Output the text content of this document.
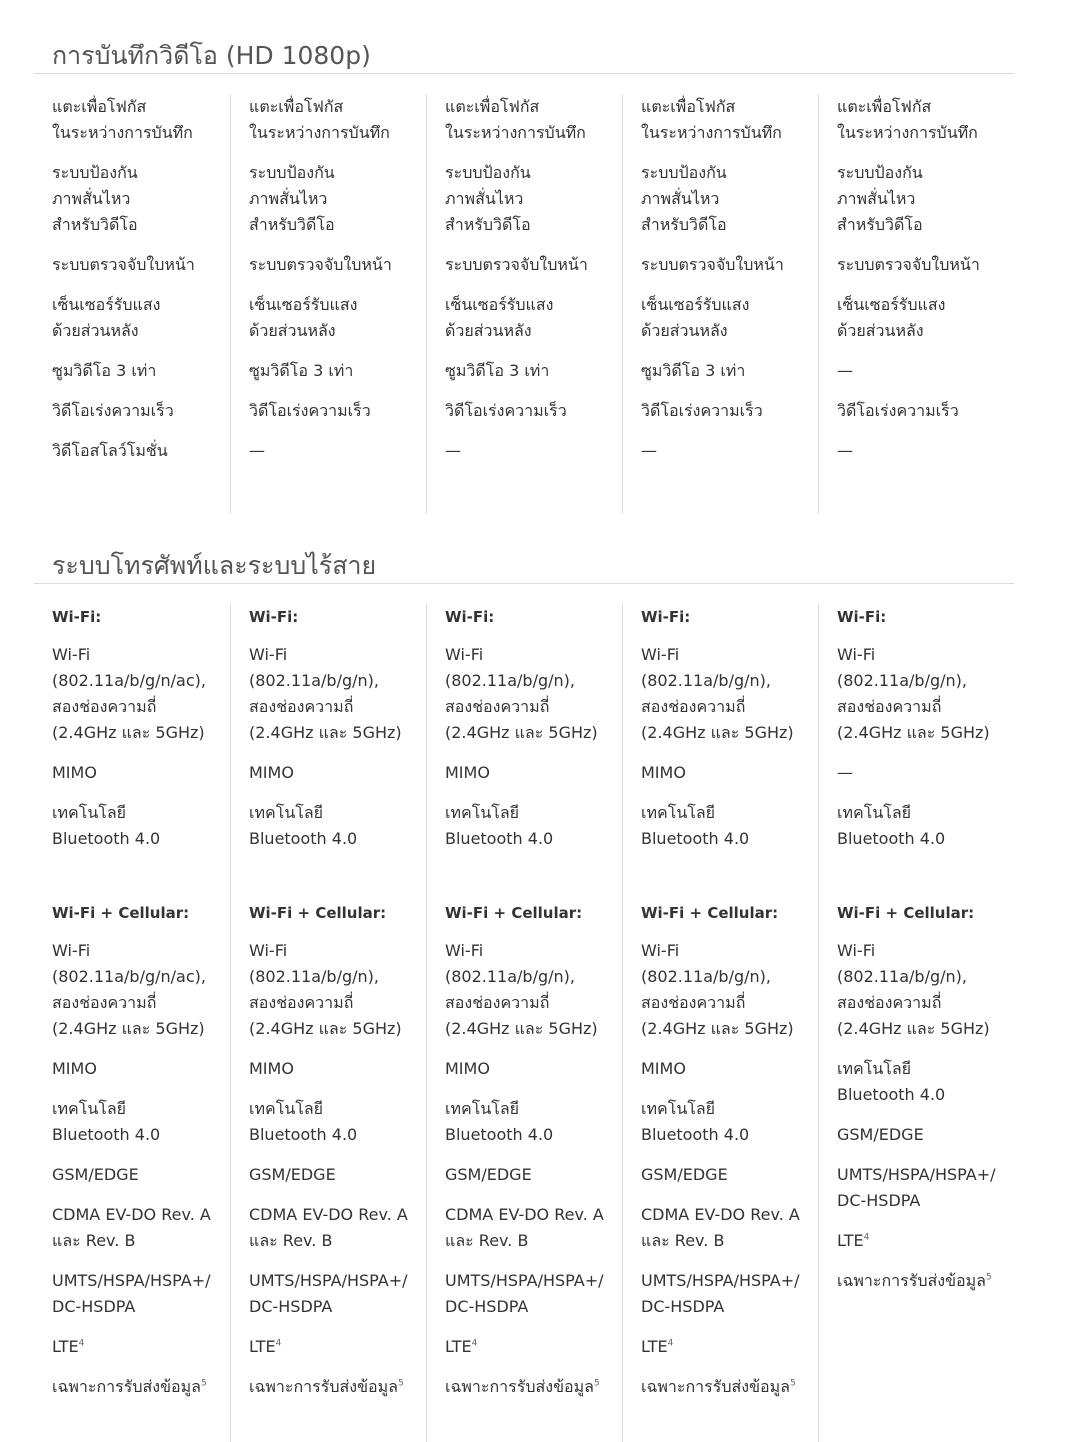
การบันทึกวิดีโอ (HD 1080p)
แตะเพื่อโฟกัส
ในระหว่างการบันทึก
ระบบป้องกัน
ภาพสั่นไหว
สำหรับวิดีโอ
ระบบตรวจจับใบหน้า
เซ็นเซอร์รับแสง
ด้วยส่วนหลัง
ซูมวิดีโอ 3 เท่า
วิดีโอเร่งความเร็ว
วิดีโอสโลว์โมชั่น
แตะเพื่อโฟกัส
ในระหว่างการบันทึก
ระบบป้องกัน
ภาพสั่นไหว
สำหรับวิดีโอ
ระบบตรวจจับใบหน้า
เซ็นเซอร์รับแสง
ด้วยส่วนหลัง
ซูมวิดีโอ 3 เท่า
วิดีโอเร่งความเร็ว
—
แตะเพื่อโฟกัส
ในระหว่างการบันทึก
ระบบป้องกัน
ภาพสั่นไหว
สำหรับวิดีโอ
ระบบตรวจจับใบหน้า
เซ็นเซอร์รับแสง
ด้วยส่วนหลัง
ซูมวิดีโอ 3 เท่า
วิดีโอเร่งความเร็ว
—
แตะเพื่อโฟกัส
ในระหว่างการบันทึก
ระบบป้องกัน
ภาพสั่นไหว
สำหรับวิดีโอ
ระบบตรวจจับใบหน้า
เซ็นเซอร์รับแสง
ด้วยส่วนหลัง
ซูมวิดีโอ 3 เท่า
วิดีโอเร่งความเร็ว
—
แตะเพื่อโฟกัส
ในระหว่างการบันทึก
ระบบป้องกัน
ภาพสั่นไหว
สำหรับวิดีโอ
ระบบตรวจจับใบหน้า
เซ็นเซอร์รับแสง
ด้วยส่วนหลัง
—
วิดีโอเร่งความเร็ว
—
ระบบโทรศัพท์และระบบไร้สาย
Wi-Fi:
Wi-Fi
(802.11a/b/g/n/ac),
สองช่องความถี่
(2.4GHz และ 5GHz)
MIMO
เทคโนโลยี
Bluetooth 4.0
Wi-Fi + Cellular:
Wi-Fi
(802.11a/b/g/n/ac),
สองช่องความถี่
(2.4GHz และ 5GHz)
MIMO
เทคโนโลยี
Bluetooth 4.0
GSM/EDGE
CDMA EV-DO Rev. A
และ Rev. B
UMTS/HSPA/HSPA+/
DC-HSDPA
LTE$^4$
เฉพาะการรับส่งข้อมูล$^5$
Wi-Fi:
Wi-Fi
(802.11a/b/g/n),
สองช่องความถี่
(2.4GHz และ 5GHz)
MIMO
เทคโนโลยี
Bluetooth 4.0
Wi-Fi + Cellular:
Wi-Fi
(802.11a/b/g/n),
สองช่องความถี่
(2.4GHz และ 5GHz)
MIMO
เทคโนโลยี
Bluetooth 4.0
GSM/EDGE
CDMA EV-DO Rev. A
และ Rev. B
UMTS/HSPA/HSPA+/
DC-HSDPA
LTE$^4$
เฉพาะการรับส่งข้อมูล$^5$
Wi-Fi:
Wi-Fi
(802.11a/b/g/n),
สองช่องความถี่
(2.4GHz และ 5GHz)
MIMO
เทคโนโลยี
Bluetooth 4.0
Wi-Fi + Cellular:
Wi-Fi
(802.11a/b/g/n),
สองช่องความถี่
(2.4GHz และ 5GHz)
MIMO
เทคโนโลยี
Bluetooth 4.0
GSM/EDGE
CDMA EV-DO Rev. A
และ Rev. B
UMTS/HSPA/HSPA+/
DC-HSDPA
LTE$^4$
เฉพาะการรับส่งข้อมูล$^5$
Wi-Fi:
Wi-Fi
(802.11a/b/g/n),
สองช่องความถี่
(2.4GHz และ 5GHz)
MIMO
เทคโนโลยี
Bluetooth 4.0
Wi-Fi + Cellular:
Wi-Fi
(802.11a/b/g/n),
สองช่องความถี่
(2.4GHz และ 5GHz)
MIMO
เทคโนโลยี
Bluetooth 4.0
GSM/EDGE
CDMA EV-DO Rev. A
และ Rev. B
UMTS/HSPA/HSPA+/
DC-HSDPA
LTE$^4$
เฉพาะการรับส่งข้อมูล$^5$
Wi-Fi:
Wi-Fi
(802.11a/b/g/n),
สองช่องความถี่
(2.4GHz และ 5GHz)
—
เทคโนโลยี
Bluetooth 4.0
Wi-Fi + Cellular:
Wi-Fi
(802.11a/b/g/n),
สองช่องความถี่
(2.4GHz และ 5GHz)
เทคโนโลยี
Bluetooth 4.0
GSM/EDGE
UMTS/HSPA/HSPA+/
DC-HSDPA
LTE$^4$
เฉพาะการรับส่งข้อมูล$^5$
